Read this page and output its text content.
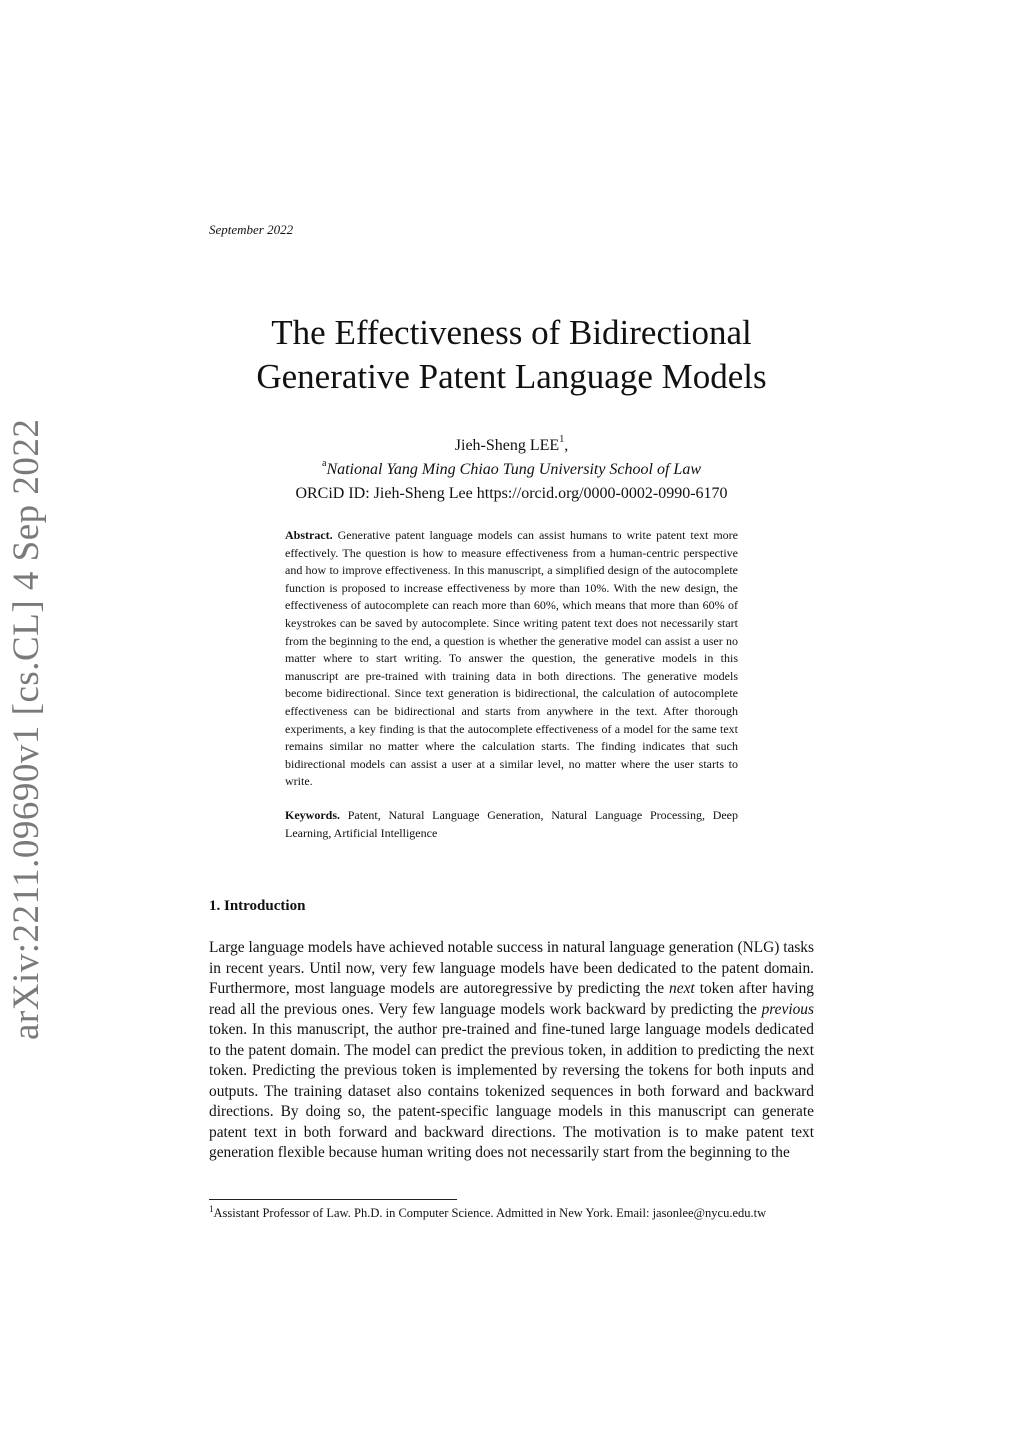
arXiv:2211.09690v1 [cs.CL] 4 Sep 2022
September 2022
The Effectiveness of Bidirectional
Generative Patent Language Models
Jieh-Sheng LEE$^1$,
$^a$National Yang Ming Chiao Tung University School of Law
ORCiD ID: Jieh-Sheng Lee https://orcid.org/0000-0002-0990-6170

Abstract. Generative patent language models can assist humans to write patent text more effectively. The question is how to measure effectiveness from a human-centric perspective and how to improve effectiveness. In this manuscript, a simplified design of the autocomplete function is proposed to increase effectiveness by more than 10%. With the new design, the effectiveness of autocomplete can reach more than 60%, which means that more than 60% of keystrokes can be saved by autocomplete. Since writing patent text does not necessarily start from the beginning to the end, a question is whether the generative model can assist a user no matter where to start writing. To answer the question, the generative models in this manuscript are pre-trained with training data in both directions. The generative models become bidirectional. Since text generation is bidirectional, the calculation of autocomplete effectiveness can be bidirectional and starts from anywhere in the text. After thorough experiments, a key finding is that the autocomplete effectiveness of a model for the same text remains similar no matter where the calculation starts. The finding indicates that such bidirectional models can assist a user at a similar level, no matter where the user starts to write.

Keywords. Patent, Natural Language Generation, Natural Language Processing, Deep Learning, Artificial Intelligence

1. Introduction

Large language models have achieved notable success in natural language generation (NLG) tasks in recent years. Until now, very few language models have been dedicated to the patent domain. Furthermore, most language models are autoregressive by predicting the next token after having read all the previous ones. Very few language models work backward by predicting the previous token. In this manuscript, the author pre-trained and fine-tuned large language models dedicated to the patent domain. The model can predict the previous token, in addition to predicting the next token. Predicting the previous token is implemented by reversing the tokens for both inputs and outputs. The training dataset also contains tokenized sequences in both forward and backward directions. By doing so, the patent-specific language models in this manuscript can generate patent text in both forward and backward directions. The motivation is to make patent text generation flexible because human writing does not necessarily start from the beginning to the

$^1$Assistant Professor of Law. Ph.D. in Computer Science. Admitted in New York. Email: jasonlee@nycu.edu.tw
